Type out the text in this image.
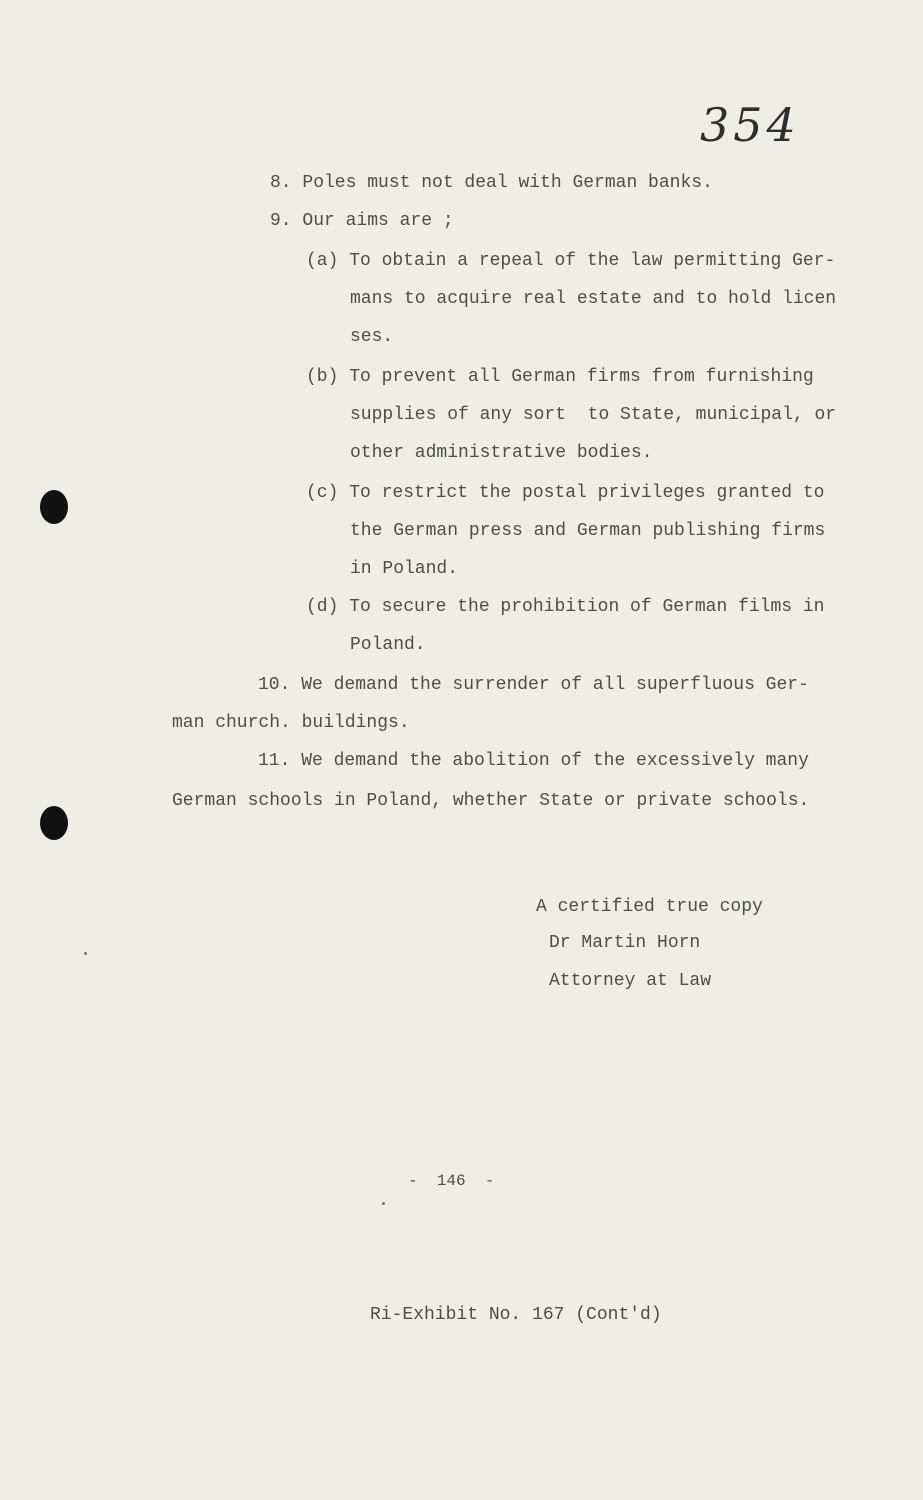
354
8. Poles must not deal with German banks.
9. Our aims are ;
(a) To obtain a repeal of the law permitting Ger-
mans to acquire real estate and to hold licen
ses.
(b) To prevent all German firms from furnishing
supplies of any sort  to State, municipal, or
other administrative bodies.
(c) To restrict the postal privileges granted to
the German press and German publishing firms
in Poland.
(d) To secure the prohibition of German films in
Poland.
10. We demand the surrender of all superfluous Ger-
man church. buildings.
11. We demand the abolition of the excessively many
German schools in Poland, whether State or private schools.
A certified true copy
Dr Martin Horn
Attorney at Law
-  146  -
Ri-Exhibit No. 167 (Cont'd)
